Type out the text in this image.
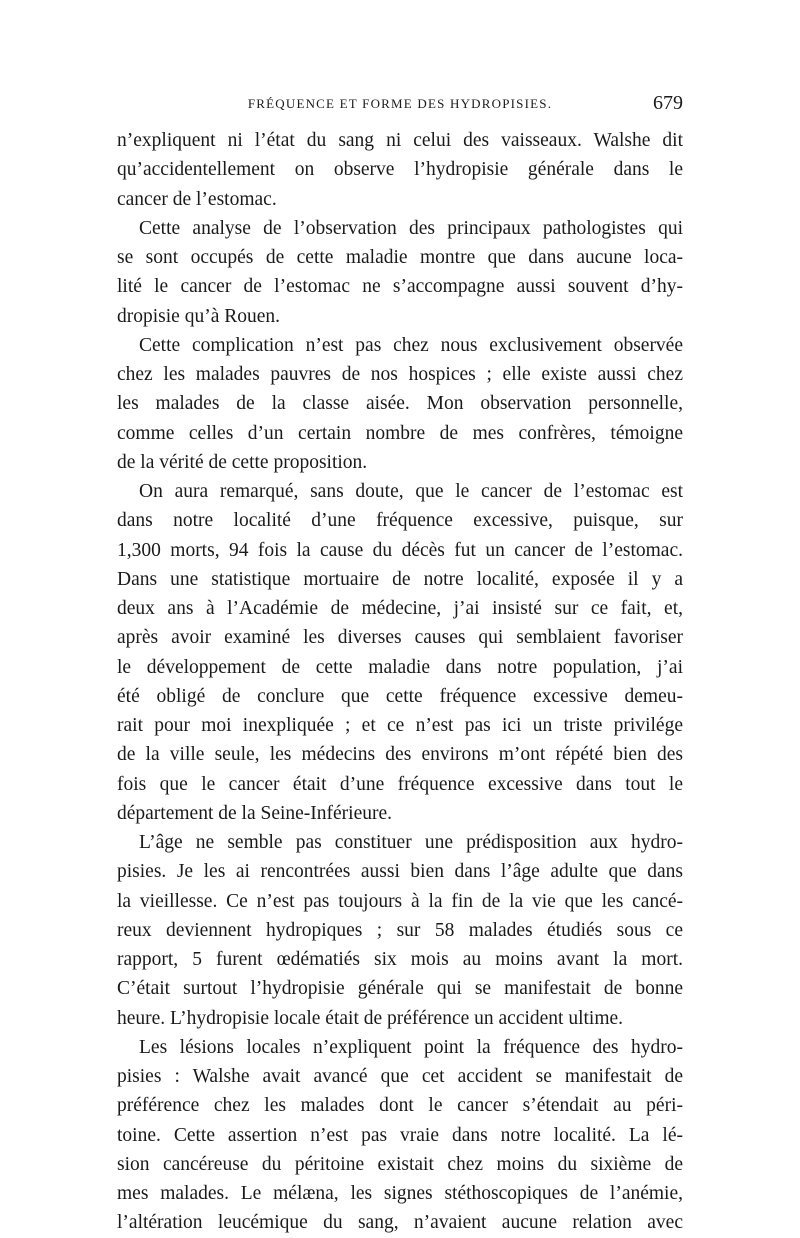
FRÉQUENCE ET FORME DES HYDROPISIES.	679
n’expliquent ni l’état du sang ni celui des vaisseaux. Walshe dit
qu’accidentellement on observe l’hydropisie générale dans le
cancer de l’estomac.
Cette analyse de l’observation des principaux pathologistes qui
se sont occupés de cette maladie montre que dans aucune loca-
lité le cancer de l’estomac ne s’accompagne aussi souvent d’hy-
dropisie qu’à Rouen.
Cette complication n’est pas chez nous exclusivement observée
chez les malades pauvres de nos hospices ; elle existe aussi chez
les malades de la classe aisée. Mon observation personnelle,
comme celles d’un certain nombre de mes confrères, témoigne
de la vérité de cette proposition.
On aura remarqué, sans doute, que le cancer de l’estomac est
dans notre localité d’une fréquence excessive, puisque, sur
1,300 morts, 94 fois la cause du décès fut un cancer de l’estomac.
Dans une statistique mortuaire de notre localité, exposée il y a
deux ans à l’Académie de médecine, j’ai insisté sur ce fait, et,
après avoir examiné les diverses causes qui semblaient favoriser
le développement de cette maladie dans notre population, j’ai
été obligé de conclure que cette fréquence excessive demeu-
rait pour moi inexpliquée ; et ce n’est pas ici un triste privilége
de la ville seule, les médecins des environs m’ont répété bien des
fois que le cancer était d’une fréquence excessive dans tout le
département de la Seine-Inférieure.
L’âge ne semble pas constituer une prédisposition aux hydro-
pisies. Je les ai rencontrées aussi bien dans l’âge adulte que dans
la vieillesse. Ce n’est pas toujours à la fin de la vie que les cancé-
reux deviennent hydropiques ; sur 58 malades étudiés sous ce
rapport, 5 furent œdématiés six mois au moins avant la mort.
C’était surtout l’hydropisie générale qui se manifestait de bonne
heure. L’hydropisie locale était de préférence un accident ultime.
Les lésions locales n’expliquent point la fréquence des hydro-
pisies : Walshe avait avancé que cet accident se manifestait de
préférence chez les malades dont le cancer s’étendait au péri-
toine. Cette assertion n’est pas vraie dans notre localité. La lé-
sion cancéreuse du péritoine existait chez moins du sixième de
mes malades. Le mélæna, les signes stéthoscopiques de l’anémie,
l’altération leucémique du sang, n’avaient aucune relation avec
